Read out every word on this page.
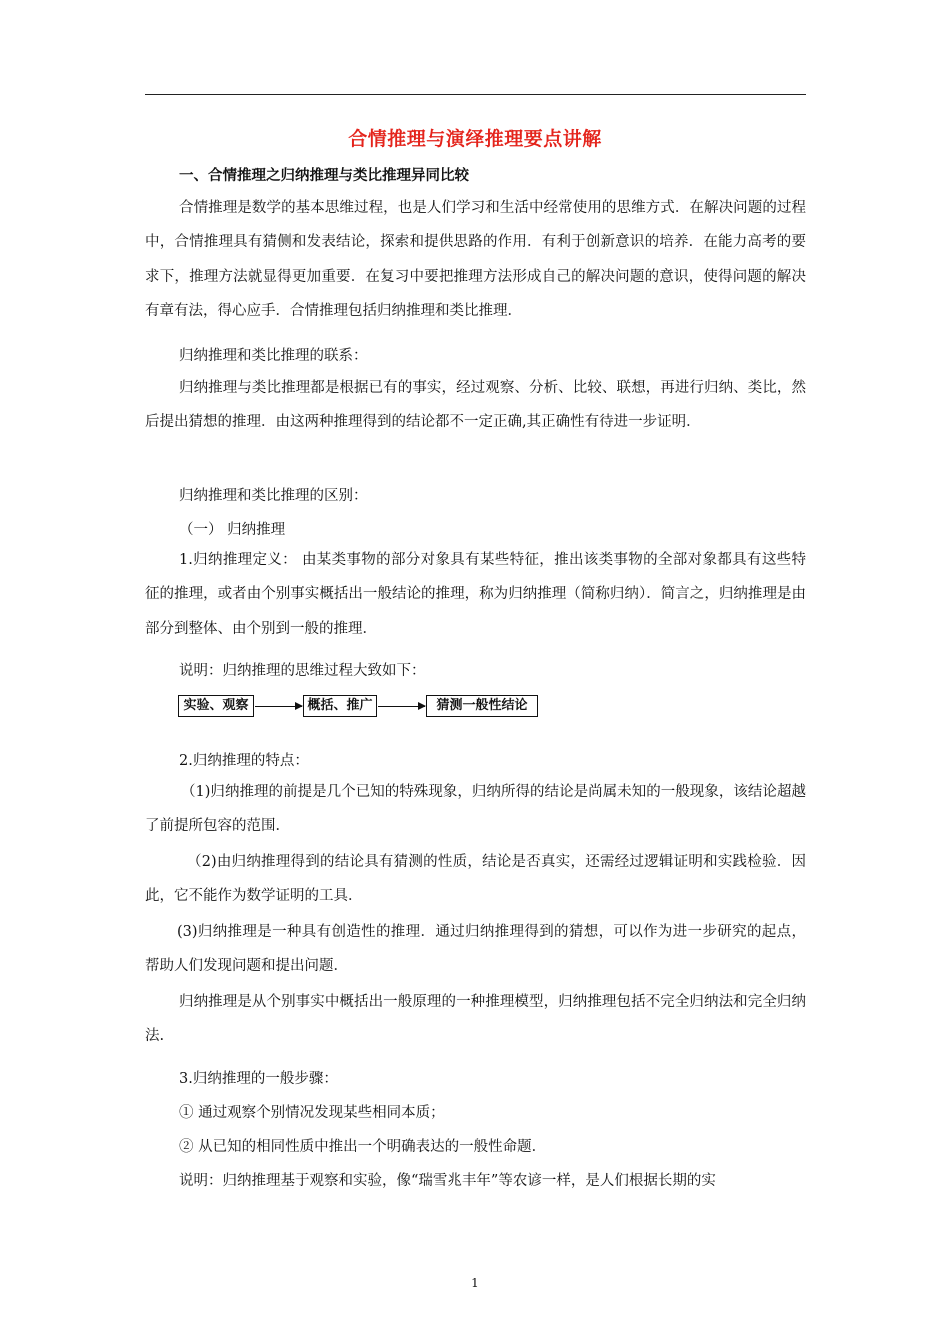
合情推理与演绎推理要点讲解
一、合情推理之归纳推理与类比推理异同比较
合情推理是数学的基本思维过程，也是人们学习和生活中经常使用的思维方式．在解决问题的过程中，合情推理具有猜侧和发表结论，探索和提供思路的作用．有利于创新意识的培养．在能力高考的要求下，推理方法就显得更加重要．在复习中要把推理方法形成自己的解决问题的意识，使得问题的解决有章有法，得心应手．合情推理包括归纳推理和类比推理．
归纳推理和类比推理的联系：
归纳推理与类比推理都是根据已有的事实，经过观察、分析、比较、联想，再进行归纳、类比，然后提出猜想的推理．由这两种推理得到的结论都不一定正确,其正确性有待进一步证明．
归纳推理和类比推理的区别：
（一） 归纳推理
1.归纳推理定义： 由某类事物的部分对象具有某些特征，推出该类事物的全部对象都具有这些特征的推理，或者由个别事实概括出一般结论的推理，称为归纳推理（简称归纳）．简言之，归纳推理是由部分到整体、由个别到一般的推理．
说明：归纳推理的思维过程大致如下：
实验、观察	概括、推广	猜测一般性结论
2.归纳推理的特点：
（1)归纳推理的前提是几个已知的特殊现象，归纳所得的结论是尚属未知的一般现象，该结论超越了前提所包容的范围．
（2)由归纳推理得到的结论具有猜测的性质，结论是否真实，还需经过逻辑证明和实践检验．因此，它不能作为数学证明的工具．
(3)归纳推理是一种具有创造性的推理．通过归纳推理得到的猜想，可以作为进一步研究的起点，帮助人们发现问题和提出问题．
归纳推理是从个别事实中概括出一般原理的一种推理模型，归纳推理包括不完全归纳法和完全归纳法.
3.归纳推理的一般步骤：
① 通过观察个别情况发现某些相同本质；
② 从已知的相同性质中推出一个明确表达的一般性命题．
说明：归纳推理基于观察和实验，像“瑞雪兆丰年”等农谚一样，是人们根据长期的实
1
